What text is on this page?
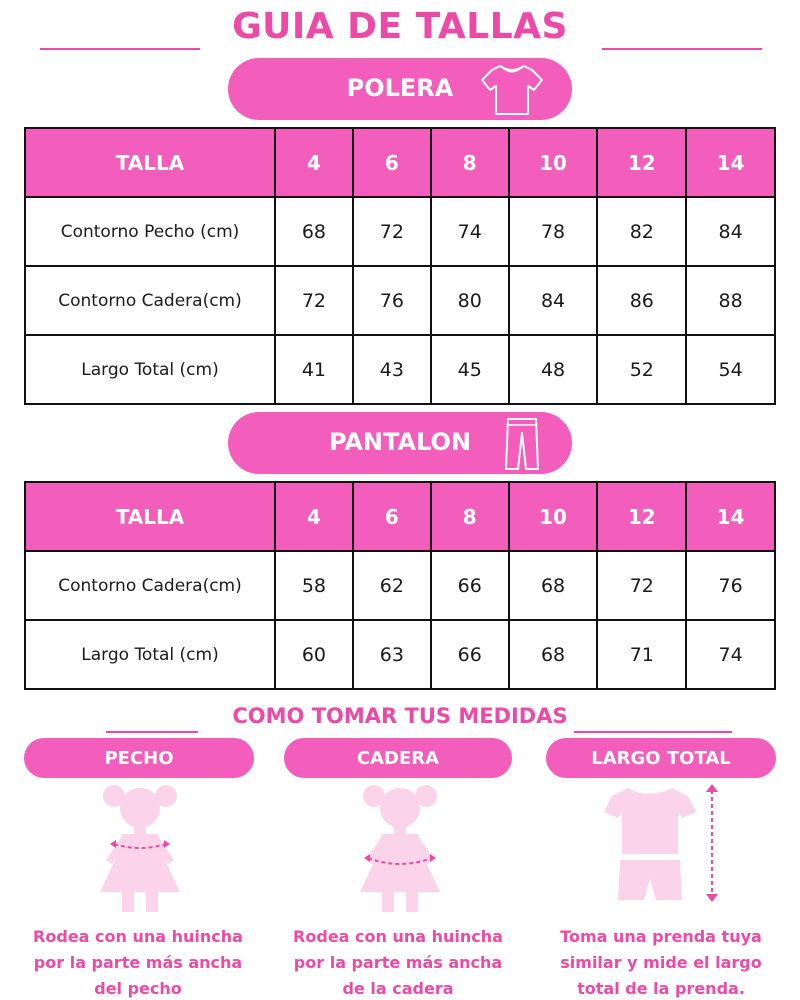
GUIA DE TALLAS
POLERA
TALLA	4	6	8	10	12	14
Contorno Pecho (cm)	68	72	74	78	82	84
Contorno Cadera(cm)	72	76	80	84	86	88
Largo Total (cm)	41	43	45	48	52	54
PANTALON
TALLA	4	6	8	10	12	14
Contorno Cadera(cm)	58	62	66	68	72	76
Largo Total (cm)	60	63	66	68	71	74
COMO TOMAR TUS MEDIDAS
PECHO	CADERA	LARGO TOTAL
Rodea con una huincha
por la parte más ancha
del pecho
Rodea con una huincha
por la parte más ancha
de la cadera
Toma una prenda tuya
similar y mide el largo
total de la prenda.
